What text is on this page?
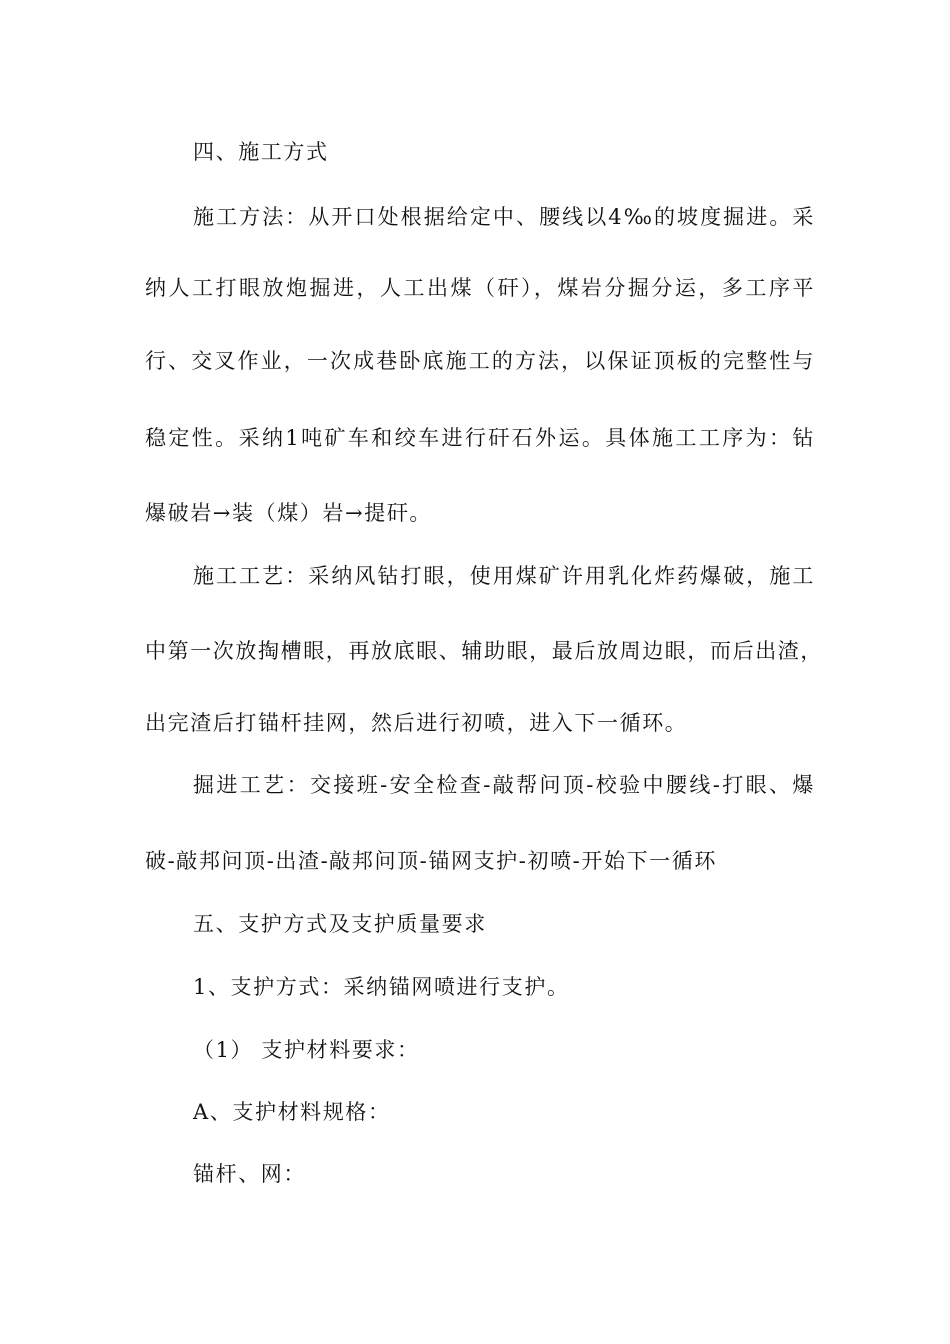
四、施工方式
施工方法：从开口处根据给定中、腰线以4‰的坡度掘进。采
纳人工打眼放炮掘进，人工出煤（矸），煤岩分掘分运，多工序平
行、交叉作业，一次成巷卧底施工的方法，以保证顶板的完整性与
稳定性。采纳1吨矿车和绞车进行矸石外运。具体施工工序为：钻
爆破岩→装（煤）岩→提矸。
施工工艺：采纳风钻打眼，使用煤矿许用乳化炸药爆破，施工
中第一次放掏槽眼，再放底眼、辅助眼，最后放周边眼，而后出渣，
出完渣后打锚杆挂网，然后进行初喷，进入下一循环。
掘进工艺：交接班-安全检查-敲帮问顶-校验中腰线-打眼、爆
破-敲邦问顶-出渣-敲邦问顶-锚网支护-初喷-开始下一循环
五、支护方式及支护质量要求
1、支护方式：采纳锚网喷进行支护。
（1） 支护材料要求：
A、支护材料规格：
锚杆、网：
